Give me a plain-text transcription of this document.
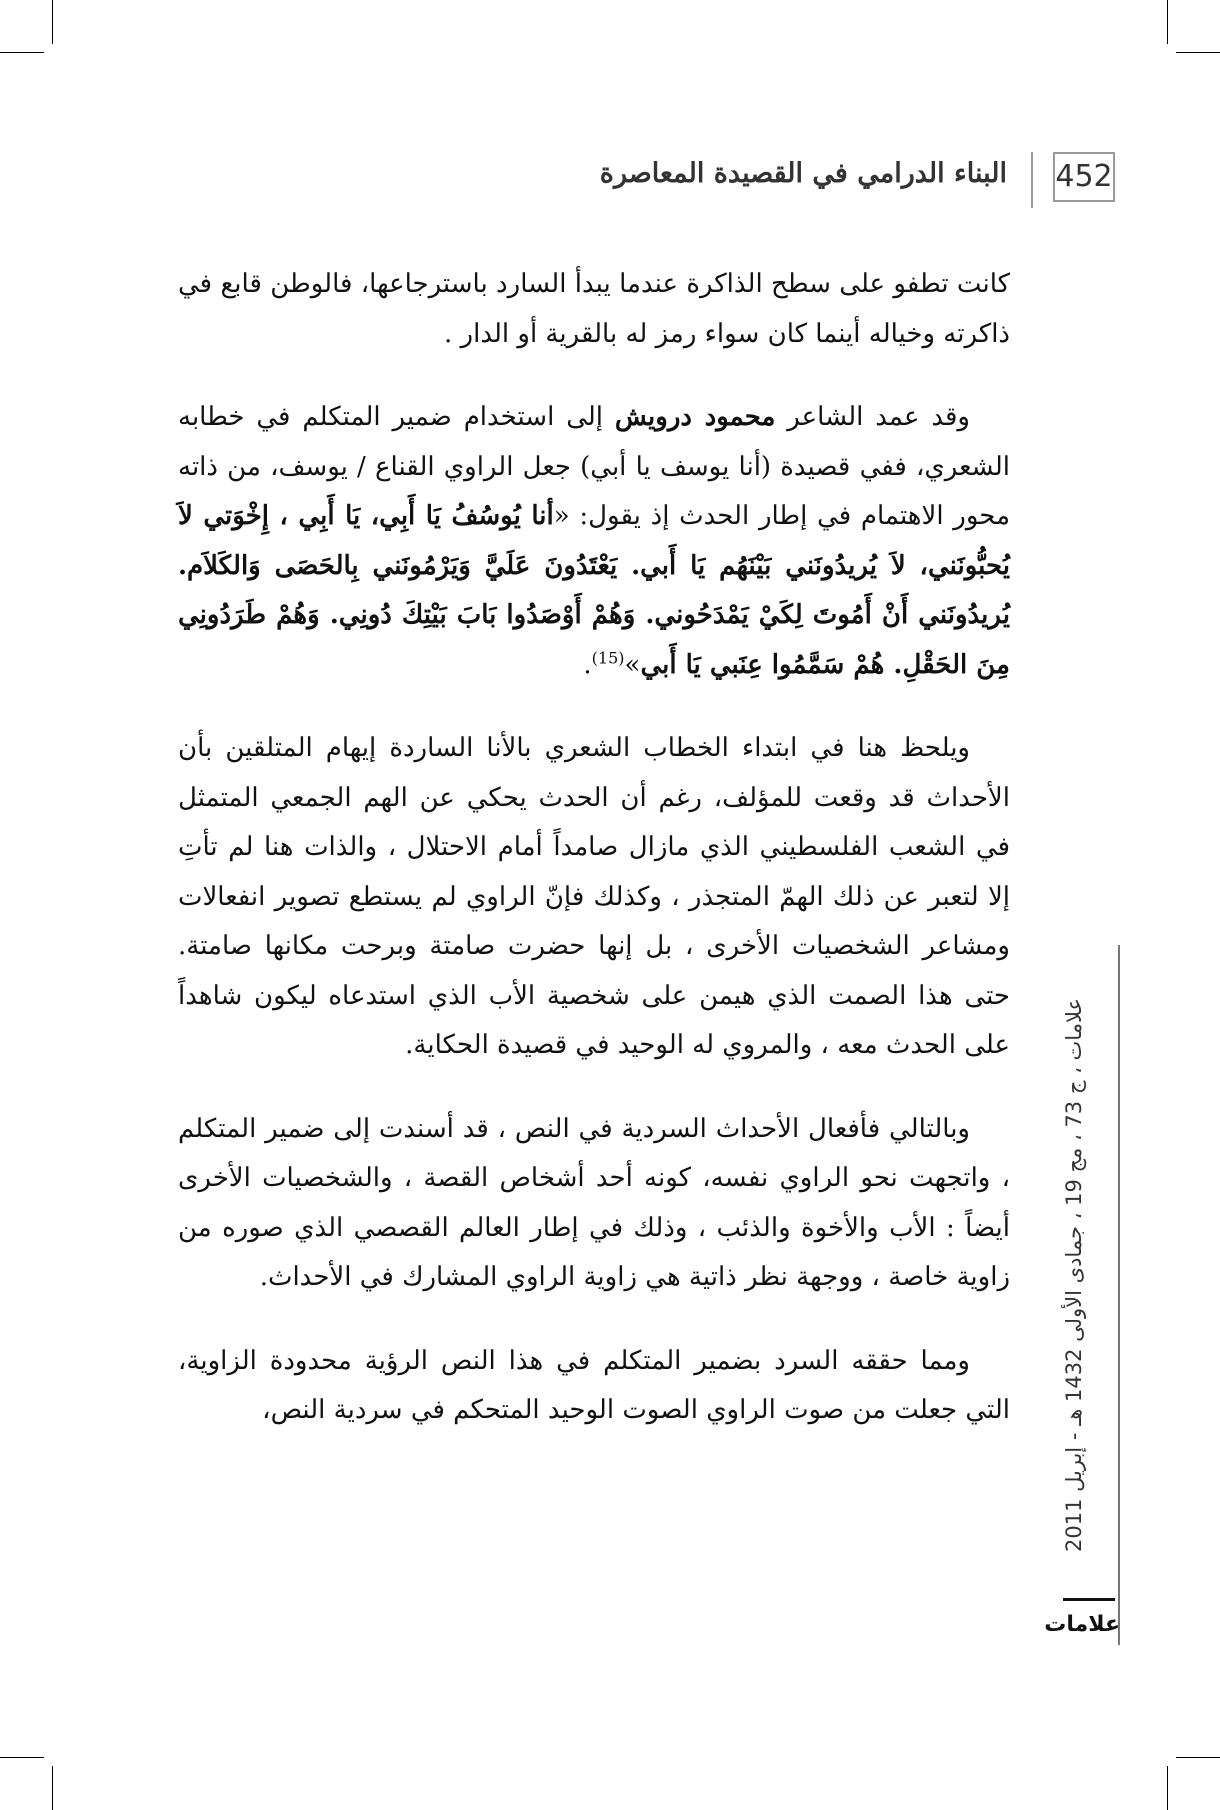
452
البناء الدرامي في القصيدة المعاصرة

كانت تطفو على سطح الذاكرة عندما يبدأ السارد باسترجاعها، فالوطن قابع في ذاكرته وخياله أينما كان سواء رمز له بالقرية أو الدار .

وقد عمد الشاعر محمود درويش إلى استخدام ضمير المتكلم في خطابه الشعري، ففي قصيدة (أنا يوسف يا أبي) جعل الراوي القناع / يوسف، من ذاته محور الاهتمام في إطار الحدث إذ يقول: «أنا يُوسُفُ يَا أَبِي، يَا أَبِي ، إِخْوَتي لاَ يُحبُّونَني، لاَ يُريدُونَني بَيْنَهُم يَا أَبي. يَعْتَدُونَ عَلَيَّ وَيَرْمُونَني بِالحَصَى وَالكَلاَم. يُريدُونَني أَنْ أَمُوتَ لِكَيْ يَمْدَحُوني. وَهُمْ أَوْصَدُوا بَابَ بَيْتِكَ دُونِي. وَهُمْ طَرَدُونِي مِنَ الحَقْلِ. هُمْ سَمَّمُوا عِنَبي يَا أَبي»$^{(15)}$.

ويلحظ هنا في ابتداء الخطاب الشعري بالأنا الساردة إيهام المتلقين بأن الأحداث قد وقعت للمؤلف، رغم أن الحدث يحكي عن الهم الجمعي المتمثل في الشعب الفلسطيني الذي مازال صامداً أمام الاحتلال ، والذات هنا لم تأتِ إلا لتعبر عن ذلك الهمّ المتجذر ، وكذلك فإنّ الراوي لم يستطع تصوير انفعالات ومشاعر الشخصيات الأخرى ، بل إنها حضرت صامتة وبرحت مكانها صامتة. حتى هذا الصمت الذي هيمن على شخصية الأب الذي استدعاه ليكون شاهداً على الحدث معه ، والمروي له الوحيد في قصيدة الحكاية.

وبالتالي فأفعال الأحداث السردية في النص ، قد أسندت إلى ضمير المتكلم ، واتجهت نحو الراوي نفسه، كونه أحد أشخاص القصة ، والشخصيات الأخرى أيضاً : الأب والأخوة والذئب ، وذلك في إطار العالم القصصي الذي صوره من زاوية خاصة ، ووجهة نظر ذاتية هي زاوية الراوي المشارك في الأحداث.

ومما حققه السرد بضمير المتكلم في هذا النص الرؤية محدودة الزاوية، التي جعلت من صوت الراوي الصوت الوحيد المتحكم في سردية النص،

علامات ، ج 73 ، مج 19 ، جمادى الأولى 1432 هـ - إبريل 2011
علامات
